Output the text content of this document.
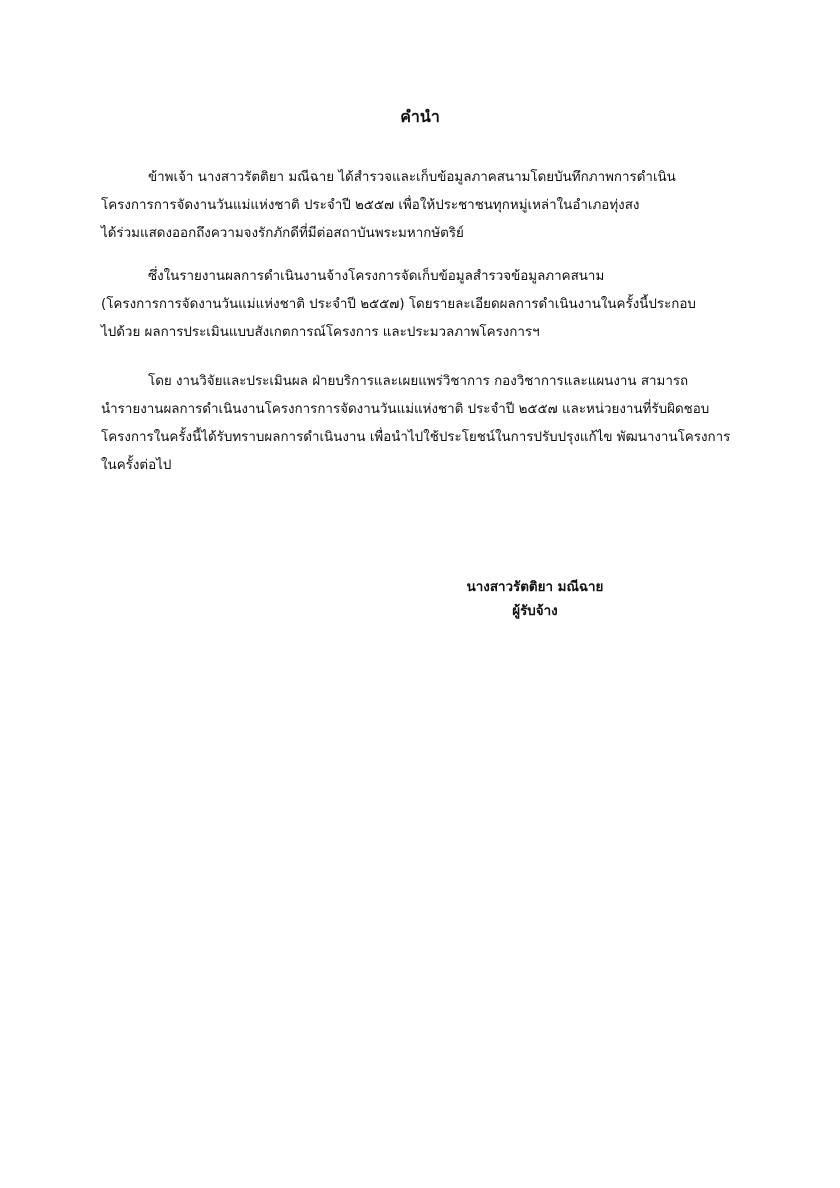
คำนำ
ข้าพเจ้า นางสาวรัตติยา มณีฉาย ได้สำรวจและเก็บข้อมูลภาคสนามโดยบันทึกภาพการดำเนิน
โครงการการจัดงานวันแม่แห่งชาติ ประจำปี ๒๕๕๗ เพื่อให้ประชาชนทุกหมู่เหล่าในอำเภอทุ่งสง
ได้ร่วมแสดงออกถึงความจงรักภักดีที่มีต่อสถาบันพระมหากษัตริย์
ซึ่งในรายงานผลการดำเนินงานจ้างโครงการจัดเก็บข้อมูลสำรวจข้อมูลภาคสนาม
(โครงการการจัดงานวันแม่แห่งชาติ ประจำปี ๒๕๕๗) โดยรายละเอียดผลการดำเนินงานในครั้งนี้ประกอบ
ไปด้วย ผลการประเมินแบบสังเกตการณ์โครงการ และประมวลภาพโครงการฯ
โดย งานวิจัยและประเมินผล ฝ่ายบริการและเผยแพร่วิชาการ กองวิชาการและแผนงาน สามารถ
นำรายงานผลการดำเนินงานโครงการการจัดงานวันแม่แห่งชาติ ประจำปี ๒๕๕๗ และหน่วยงานที่รับผิดชอบ
โครงการในครั้งนี้ได้รับทราบผลการดำเนินงาน เพื่อนำไปใช้ประโยชน์ในการปรับปรุงแก้ไข พัฒนางานโครงการ
ในครั้งต่อไป
นางสาวรัตติยา มณีฉาย
ผู้รับจ้าง
